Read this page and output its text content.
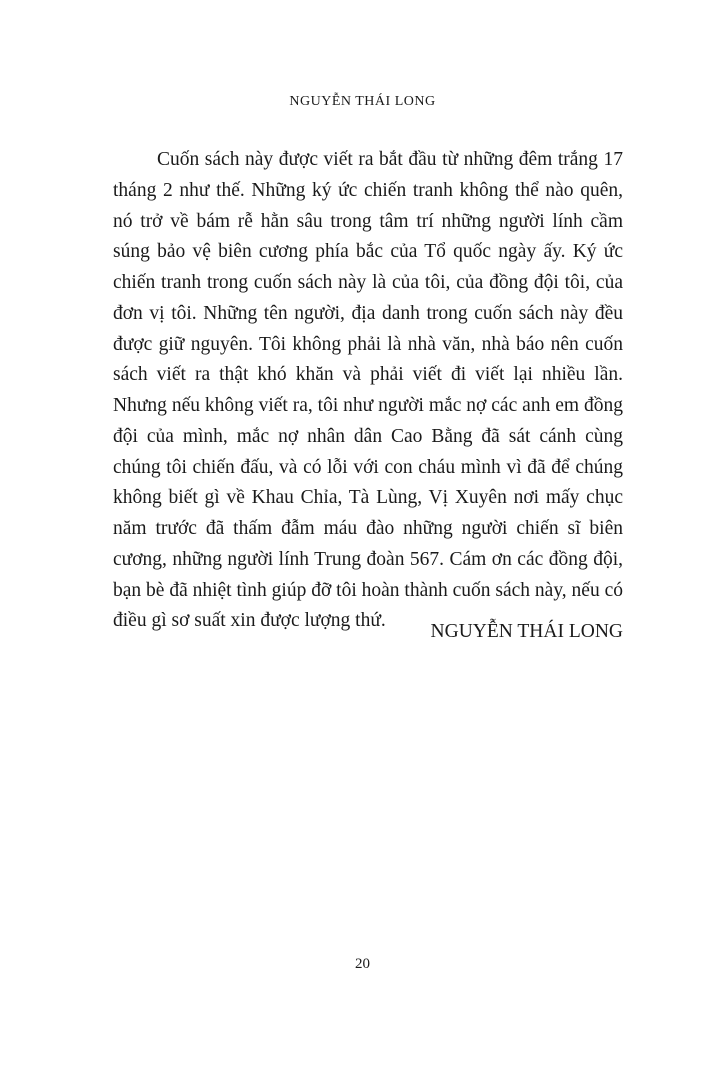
NGUYỄN THÁI LONG

Cuốn sách này được viết ra bắt đầu từ những đêm trắng 17 tháng 2 như thế. Những ký ức chiến tranh không thể nào quên, nó trở về bám rễ hằn sâu trong tâm trí những người lính cầm súng bảo vệ biên cương phía bắc của Tổ quốc ngày ấy. Ký ức chiến tranh trong cuốn sách này là của tôi, của đồng đội tôi, của đơn vị tôi. Những tên người, địa danh trong cuốn sách này đều được giữ nguyên. Tôi không phải là nhà văn, nhà báo nên cuốn sách viết ra thật khó khăn và phải viết đi viết lại nhiều lần. Nhưng nếu không viết ra, tôi như người mắc nợ các anh em đồng đội của mình, mắc nợ nhân dân Cao Bằng đã sát cánh cùng chúng tôi chiến đấu, và có lỗi với con cháu mình vì đã để chúng không biết gì về Khau Chỉa, Tà Lùng, Vị Xuyên nơi mấy chục năm trước đã thấm đẫm máu đào những người chiến sĩ biên cương, những người lính Trung đoàn 567. Cám ơn các đồng đội, bạn bè đã nhiệt tình giúp đỡ tôi hoàn thành cuốn sách này, nếu có điều gì sơ suất xin được lượng thứ.

NGUYỄN THÁI LONG
20
